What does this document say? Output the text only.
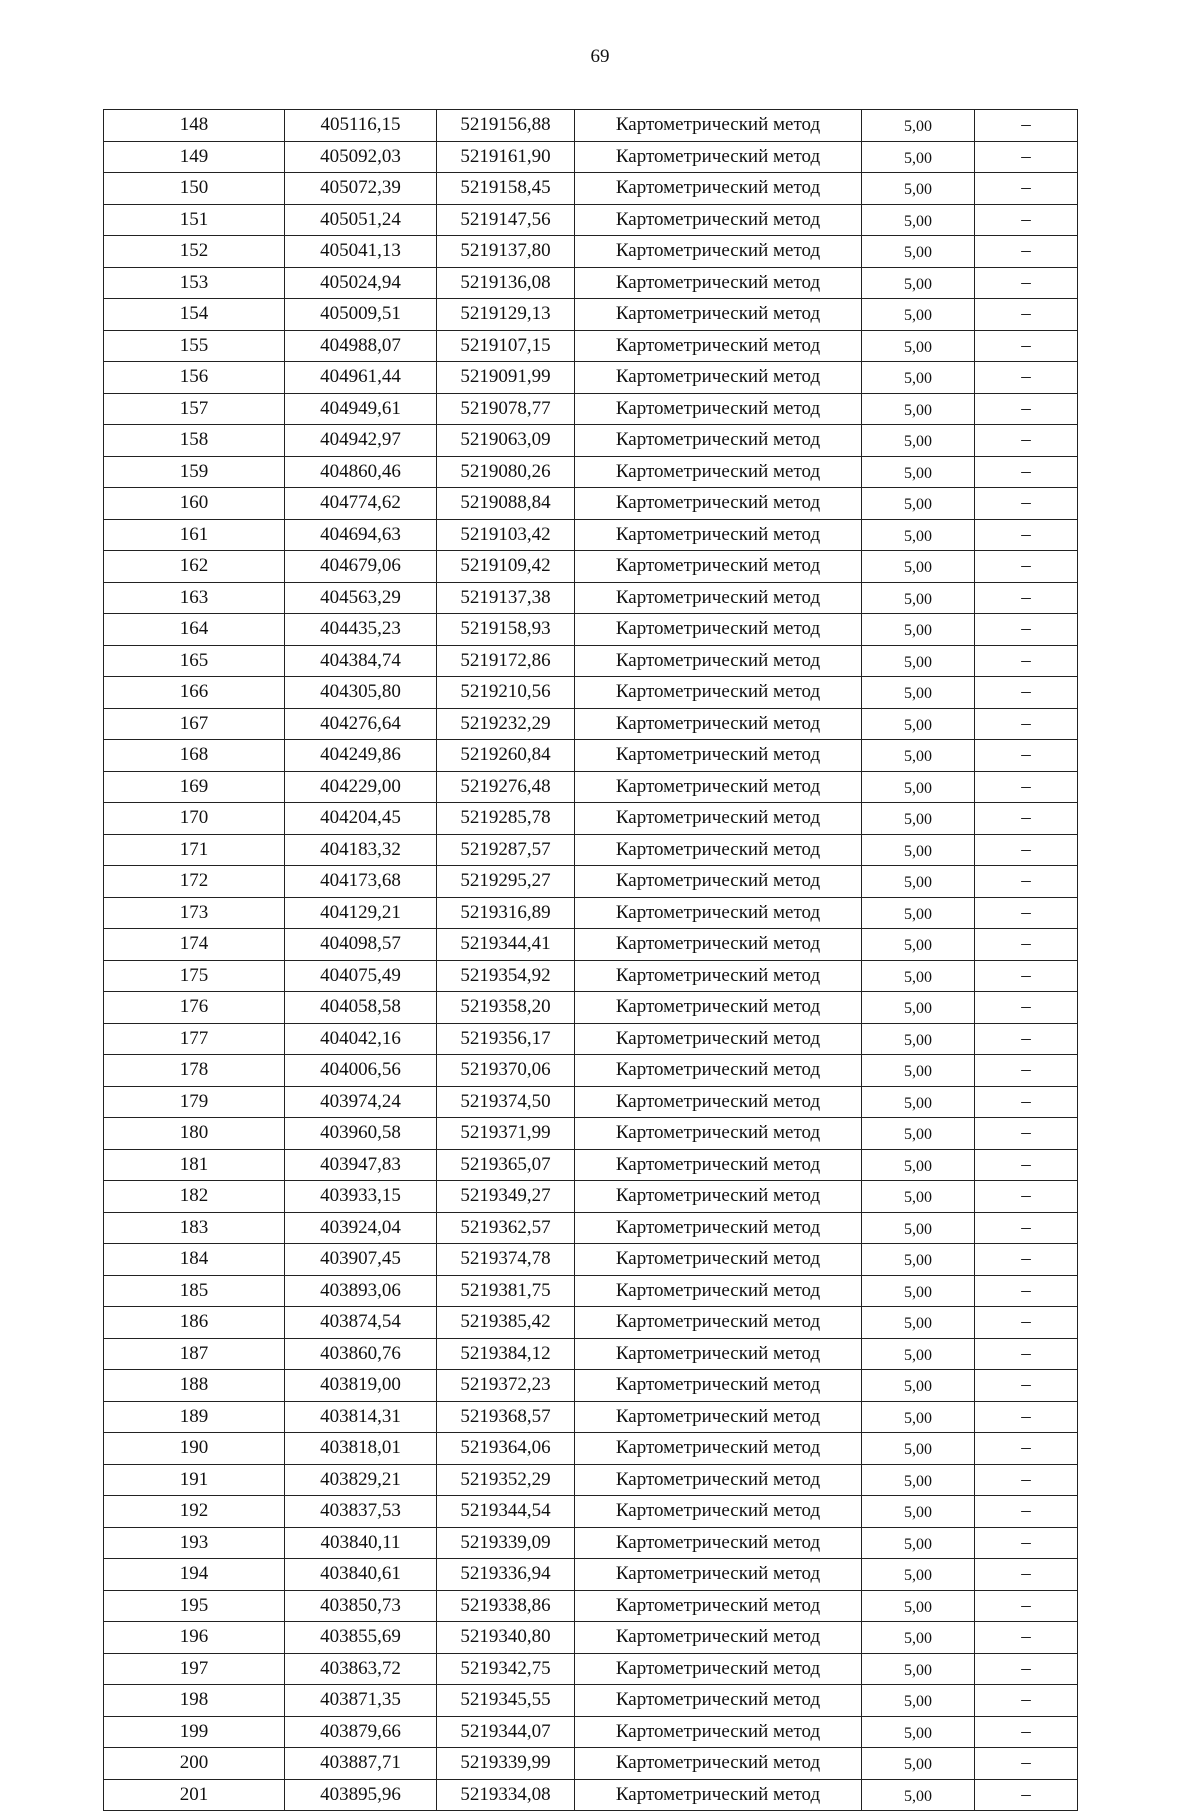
69
148	405116,15	5219156,88	Картометрический метод	5,00	–
149	405092,03	5219161,90	Картометрический метод	5,00	–
150	405072,39	5219158,45	Картометрический метод	5,00	–
151	405051,24	5219147,56	Картометрический метод	5,00	–
152	405041,13	5219137,80	Картометрический метод	5,00	–
153	405024,94	5219136,08	Картометрический метод	5,00	–
154	405009,51	5219129,13	Картометрический метод	5,00	–
155	404988,07	5219107,15	Картометрический метод	5,00	–
156	404961,44	5219091,99	Картометрический метод	5,00	–
157	404949,61	5219078,77	Картометрический метод	5,00	–
158	404942,97	5219063,09	Картометрический метод	5,00	–
159	404860,46	5219080,26	Картометрический метод	5,00	–
160	404774,62	5219088,84	Картометрический метод	5,00	–
161	404694,63	5219103,42	Картометрический метод	5,00	–
162	404679,06	5219109,42	Картометрический метод	5,00	–
163	404563,29	5219137,38	Картометрический метод	5,00	–
164	404435,23	5219158,93	Картометрический метод	5,00	–
165	404384,74	5219172,86	Картометрический метод	5,00	–
166	404305,80	5219210,56	Картометрический метод	5,00	–
167	404276,64	5219232,29	Картометрический метод	5,00	–
168	404249,86	5219260,84	Картометрический метод	5,00	–
169	404229,00	5219276,48	Картометрический метод	5,00	–
170	404204,45	5219285,78	Картометрический метод	5,00	–
171	404183,32	5219287,57	Картометрический метод	5,00	–
172	404173,68	5219295,27	Картометрический метод	5,00	–
173	404129,21	5219316,89	Картометрический метод	5,00	–
174	404098,57	5219344,41	Картометрический метод	5,00	–
175	404075,49	5219354,92	Картометрический метод	5,00	–
176	404058,58	5219358,20	Картометрический метод	5,00	–
177	404042,16	5219356,17	Картометрический метод	5,00	–
178	404006,56	5219370,06	Картометрический метод	5,00	–
179	403974,24	5219374,50	Картометрический метод	5,00	–
180	403960,58	5219371,99	Картометрический метод	5,00	–
181	403947,83	5219365,07	Картометрический метод	5,00	–
182	403933,15	5219349,27	Картометрический метод	5,00	–
183	403924,04	5219362,57	Картометрический метод	5,00	–
184	403907,45	5219374,78	Картометрический метод	5,00	–
185	403893,06	5219381,75	Картометрический метод	5,00	–
186	403874,54	5219385,42	Картометрический метод	5,00	–
187	403860,76	5219384,12	Картометрический метод	5,00	–
188	403819,00	5219372,23	Картометрический метод	5,00	–
189	403814,31	5219368,57	Картометрический метод	5,00	–
190	403818,01	5219364,06	Картометрический метод	5,00	–
191	403829,21	5219352,29	Картометрический метод	5,00	–
192	403837,53	5219344,54	Картометрический метод	5,00	–
193	403840,11	5219339,09	Картометрический метод	5,00	–
194	403840,61	5219336,94	Картометрический метод	5,00	–
195	403850,73	5219338,86	Картометрический метод	5,00	–
196	403855,69	5219340,80	Картометрический метод	5,00	–
197	403863,72	5219342,75	Картометрический метод	5,00	–
198	403871,35	5219345,55	Картометрический метод	5,00	–
199	403879,66	5219344,07	Картометрический метод	5,00	–
200	403887,71	5219339,99	Картометрический метод	5,00	–
201	403895,96	5219334,08	Картометрический метод	5,00	–
